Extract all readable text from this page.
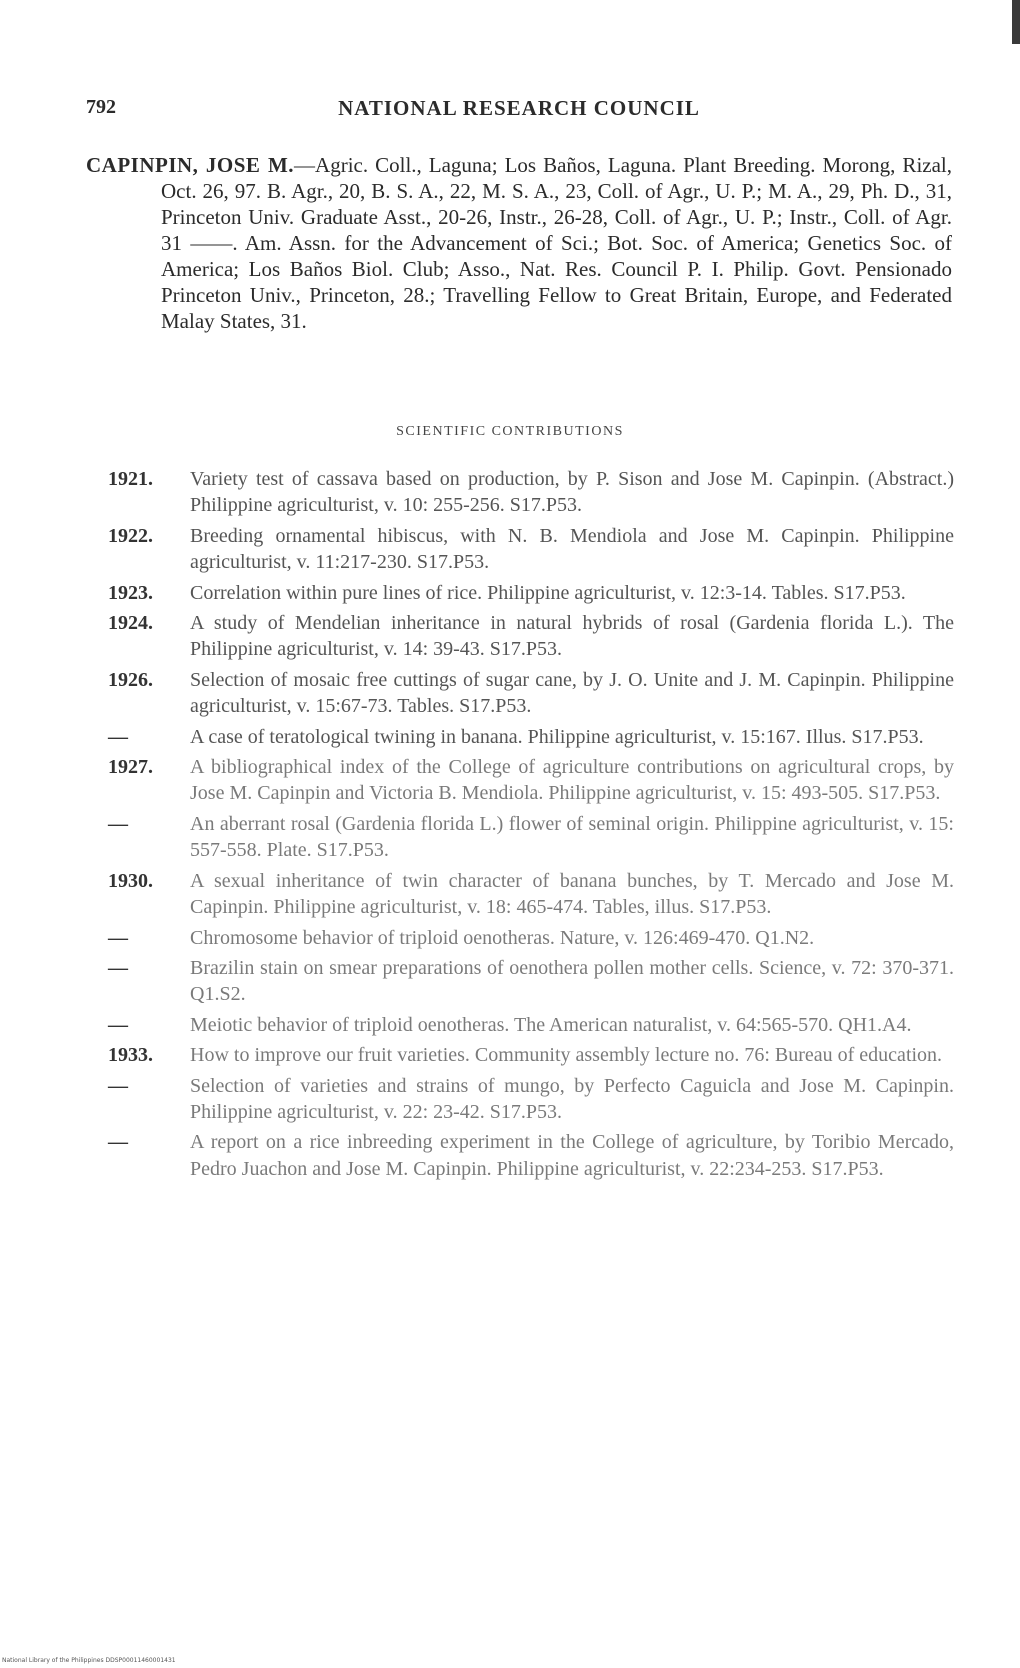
792	NATIONAL RESEARCH COUNCIL

CAPINPIN, JOSE M.—Agric. Coll., Laguna; Los Baños, Laguna. Plant Breeding. Morong, Rizal, Oct. 26, 97. B. Agr., 20, B. S. A., 22, M. S. A., 23, Coll. of Agr., U. P.; M. A., 29, Ph. D., 31, Princeton Univ. Graduate Asst., 20-26, Instr., 26-28, Coll. of Agr., U. P.; Instr., Coll. of Agr. 31 ——. Am. Assn. for the Advancement of Sci.; Bot. Soc. of America; Genetics Soc. of America; Los Baños Biol. Club; Asso., Nat. Res. Council P. I. Philip. Govt. Pensionado Princeton Univ., Princeton, 28.; Travelling Fellow to Great Britain, Europe, and Federated Malay States, 31.

SCIENTIFIC CONTRIBUTIONS
1921.	Variety test of cassava based on production, by P. Sison and Jose M. Capinpin. (Abstract.) Philippine agriculturist, v. 10: 255-256. S17.P53.
1922.	Breeding ornamental hibiscus, with N. B. Mendiola and Jose M. Capinpin. Philippine agriculturist, v. 11:217-230. S17.P53.
1923.	Correlation within pure lines of rice. Philippine agriculturist, v. 12:3-14. Tables. S17.P53.
1924.	A study of Mendelian inheritance in natural hybrids of rosal (Gardenia florida L.). The Philippine agriculturist, v. 14: 39-43. S17.P53.
1926.	Selection of mosaic free cuttings of sugar cane, by J. O. Unite and J. M. Capinpin. Philippine agriculturist, v. 15:67-73. Tables. S17.P53.
—	A case of teratological twining in banana. Philippine agriculturist, v. 15:167. Illus. S17.P53.
1927.	A bibliographical index of the College of agriculture contributions on agricultural crops, by Jose M. Capinpin and Victoria B. Mendiola. Philippine agriculturist, v. 15: 493-505. S17.P53.
—	An aberrant rosal (Gardenia florida L.) flower of seminal origin. Philippine agriculturist, v. 15: 557-558. Plate. S17.P53.
1930.	A sexual inheritance of twin character of banana bunches, by T. Mercado and Jose M. Capinpin. Philippine agriculturist, v. 18: 465-474. Tables, illus. S17.P53.
—	Chromosome behavior of triploid oenotheras. Nature, v. 126:469-470. Q1.N2.
—	Brazilin stain on smear preparations of oenothera pollen mother cells. Science, v. 72: 370-371. Q1.S2.
—	Meiotic behavior of triploid oenotheras. The American naturalist, v. 64:565-570. QH1.A4.
1933.	How to improve our fruit varieties. Community assembly lecture no. 76: Bureau of education.
—	Selection of varieties and strains of mungo, by Perfecto Caguicla and Jose M. Capinpin. Philippine agriculturist, v. 22: 23-42. S17.P53.
—	A report on a rice inbreeding experiment in the College of agriculture, by Toribio Mercado, Pedro Juachon and Jose M. Capinpin. Philippine agriculturist, v. 22:234-253. S17.P53.
National Library of the Philippines DDSP00011460001431
